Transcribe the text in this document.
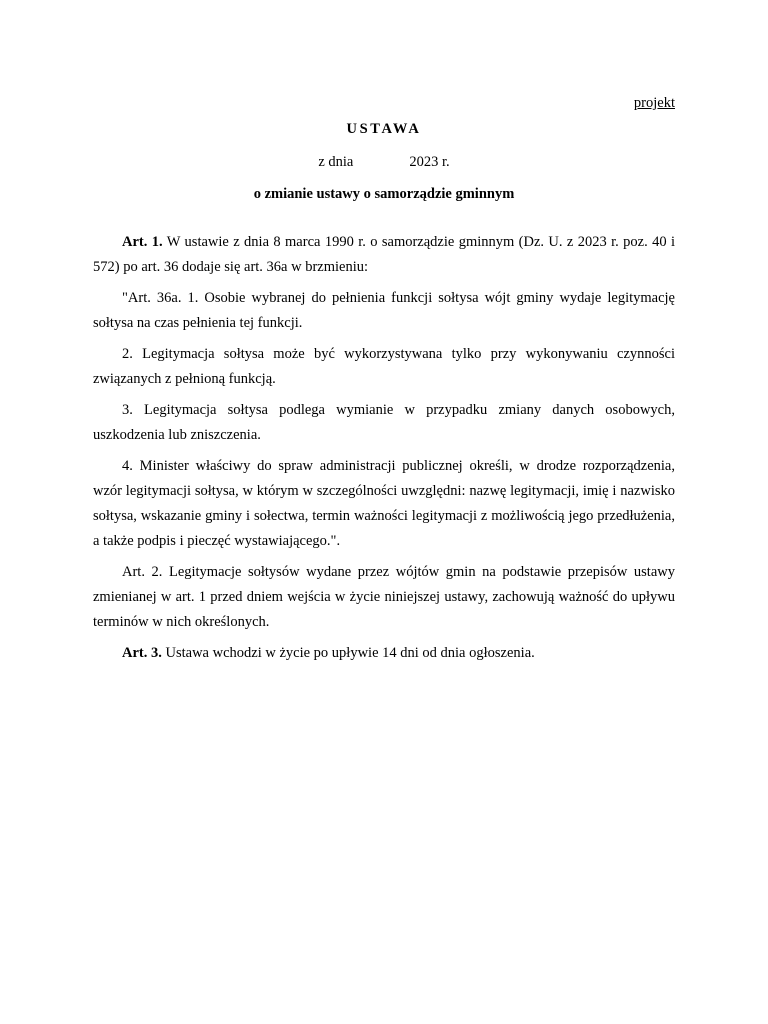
projekt
USTAWA
z dnia	2023 r.
o zmianie ustawy o samorządzie gminnym

Art. 1. W ustawie z dnia 8 marca 1990 r. o samorządzie gminnym (Dz. U. z 2023 r. poz. 40 i 572) po art. 36 dodaje się art. 36a w brzmieniu:

"Art. 36a. 1. Osobie wybranej do pełnienia funkcji sołtysa wójt gminy wydaje legitymację sołtysa na czas pełnienia tej funkcji.

2. Legitymacja sołtysa może być wykorzystywana tylko przy wykonywaniu czynności związanych z pełnioną funkcją.

3. Legitymacja sołtysa podlega wymianie w przypadku zmiany danych osobowych, uszkodzenia lub zniszczenia.

4. Minister właściwy do spraw administracji publicznej określi, w drodze rozporządzenia, wzór legitymacji sołtysa, w którym w szczególności uwzględni: nazwę legitymacji, imię i nazwisko sołtysa, wskazanie gminy i sołectwa, termin ważności legitymacji z możliwością jego przedłużenia, a także podpis i pieczęć wystawiającego.".

Art. 2. Legitymacje sołtysów wydane przez wójtów gmin na podstawie przepisów ustawy zmienianej w art. 1 przed dniem wejścia w życie niniejszej ustawy, zachowują ważność do upływu terminów w nich określonych.

Art. 3. Ustawa wchodzi w życie po upływie 14 dni od dnia ogłoszenia.
